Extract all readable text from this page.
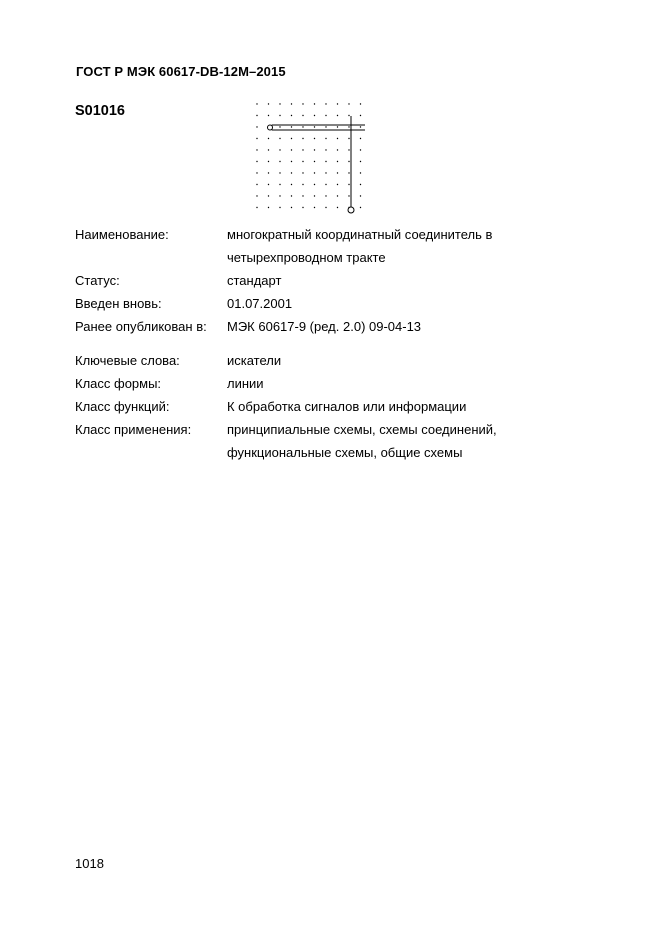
ГОСТ Р МЭК 60617-DB-12M–2015
S01016
Наименование:	многократный координатный соединитель в
четырехпроводном тракте
Статус:	стандарт
Введен вновь:	01.07.2001
Ранее опубликован в: МЭК 60617-9 (ред. 2.0) 09-04-13
Ключевые слова:	искатели
Класс формы:	линии
Класс функций:	К обработка сигналов или информации
Класс применения:	принципиальные схемы, схемы соединений,
функциональные схемы, общие схемы
1018
